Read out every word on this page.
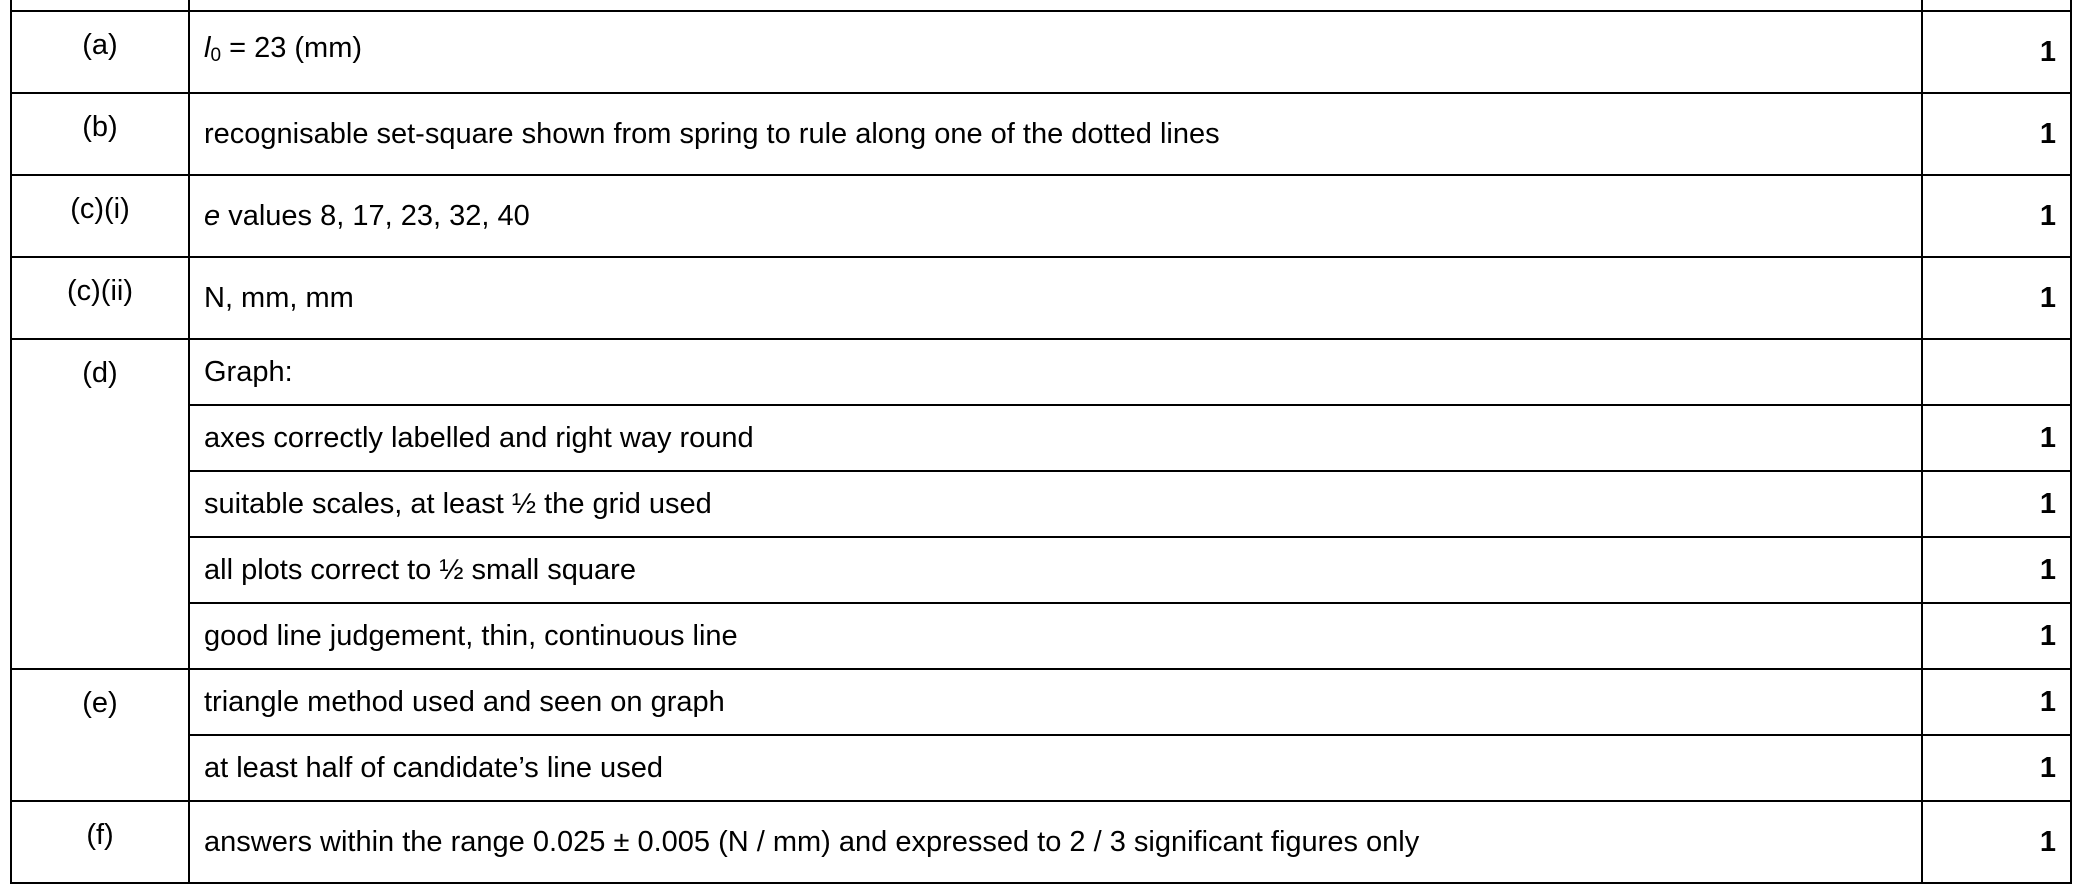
(a)	$l_0 = 23$ (mm)	1
(b)	recognisable set-square shown from spring to rule along one of the dotted lines	1
(c)(i)	e values 8, 17, 23, 32, 40	1
(c)(ii)	N, mm, mm	1
(d)	Graph:	
	axes correctly labelled and right way round	1
	suitable scales, at least ½ the grid used	1
	all plots correct to ½ small square	1
	good line judgement, thin, continuous line	1
(e)	triangle method used and seen on graph	1
	at least half of candidate’s line used	1
(f)	answers within the range 0.025 ± 0.005 (N / mm) and expressed to 2 / 3 significant figures only	1
